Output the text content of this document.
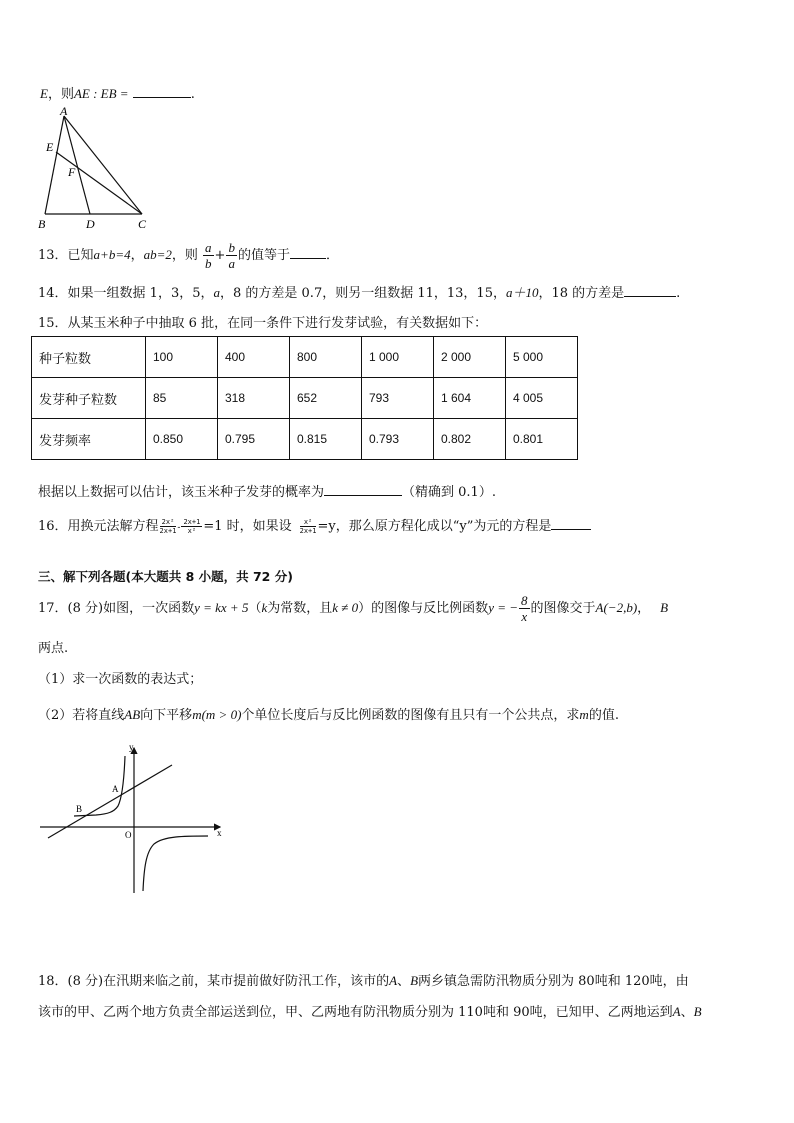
E，则AE : EB =	.
A
E
F
B	D	C
13．已知a+b=4，ab=2，则 $\frac{a}{b} + \frac{b}{a}$ 的值等于	．
14．如果一组数据 1，3，5，a，8 的方差是 0.7，则另一组数据 11，13，15，a＋10，18 的方差是	.
15．从某玉米种子中抽取 6 批，在同一条件下进行发芽试验，有关数据如下：
种子粒数	100	400	800	1 000	2 000	5 000
发芽种子粒数	85	318	652	793	1 604	4 005
发芽频率	0.850	0.795	0.815	0.793	0.802	0.801
根据以上数据可以估计，该玉米种子发芽的概率为	（精确到 0.1）.
16．用换元法解方程 $\frac{\text{2x²}}{2x+1} - \frac{2x+1}{\text{x²}} =1$ 时，如果设 $\frac{\text{x²}}{2x+1} =y$，那么原方程化成以“y”为元的方程是
三、解下列各题(本大题共 8 小题，共 72 分)
17．(8 分)如图，一次函数y = kx + 5（k为常数，且k ≠ 0）的图像与反比例函数y = − $\frac{8}{x}$ 的图像交于A(−2,b)， B
两点.
（1）求一次函数的表达式；
（2）若将直线AB向下平移m(m > 0)个单位长度后与反比例函数的图像有且只有一个公共点，求m的值.
y
x
O
A
B
18．(8 分)在汛期来临之前，某市提前做好防汛工作，该市的A、B两乡镇急需防汛物质分别为 80吨和 120吨，由
该市的甲、乙两个地方负责全部运送到位，甲、乙两地有防汛物质分别为 110吨和 90吨，已知甲、乙两地运到A、B
